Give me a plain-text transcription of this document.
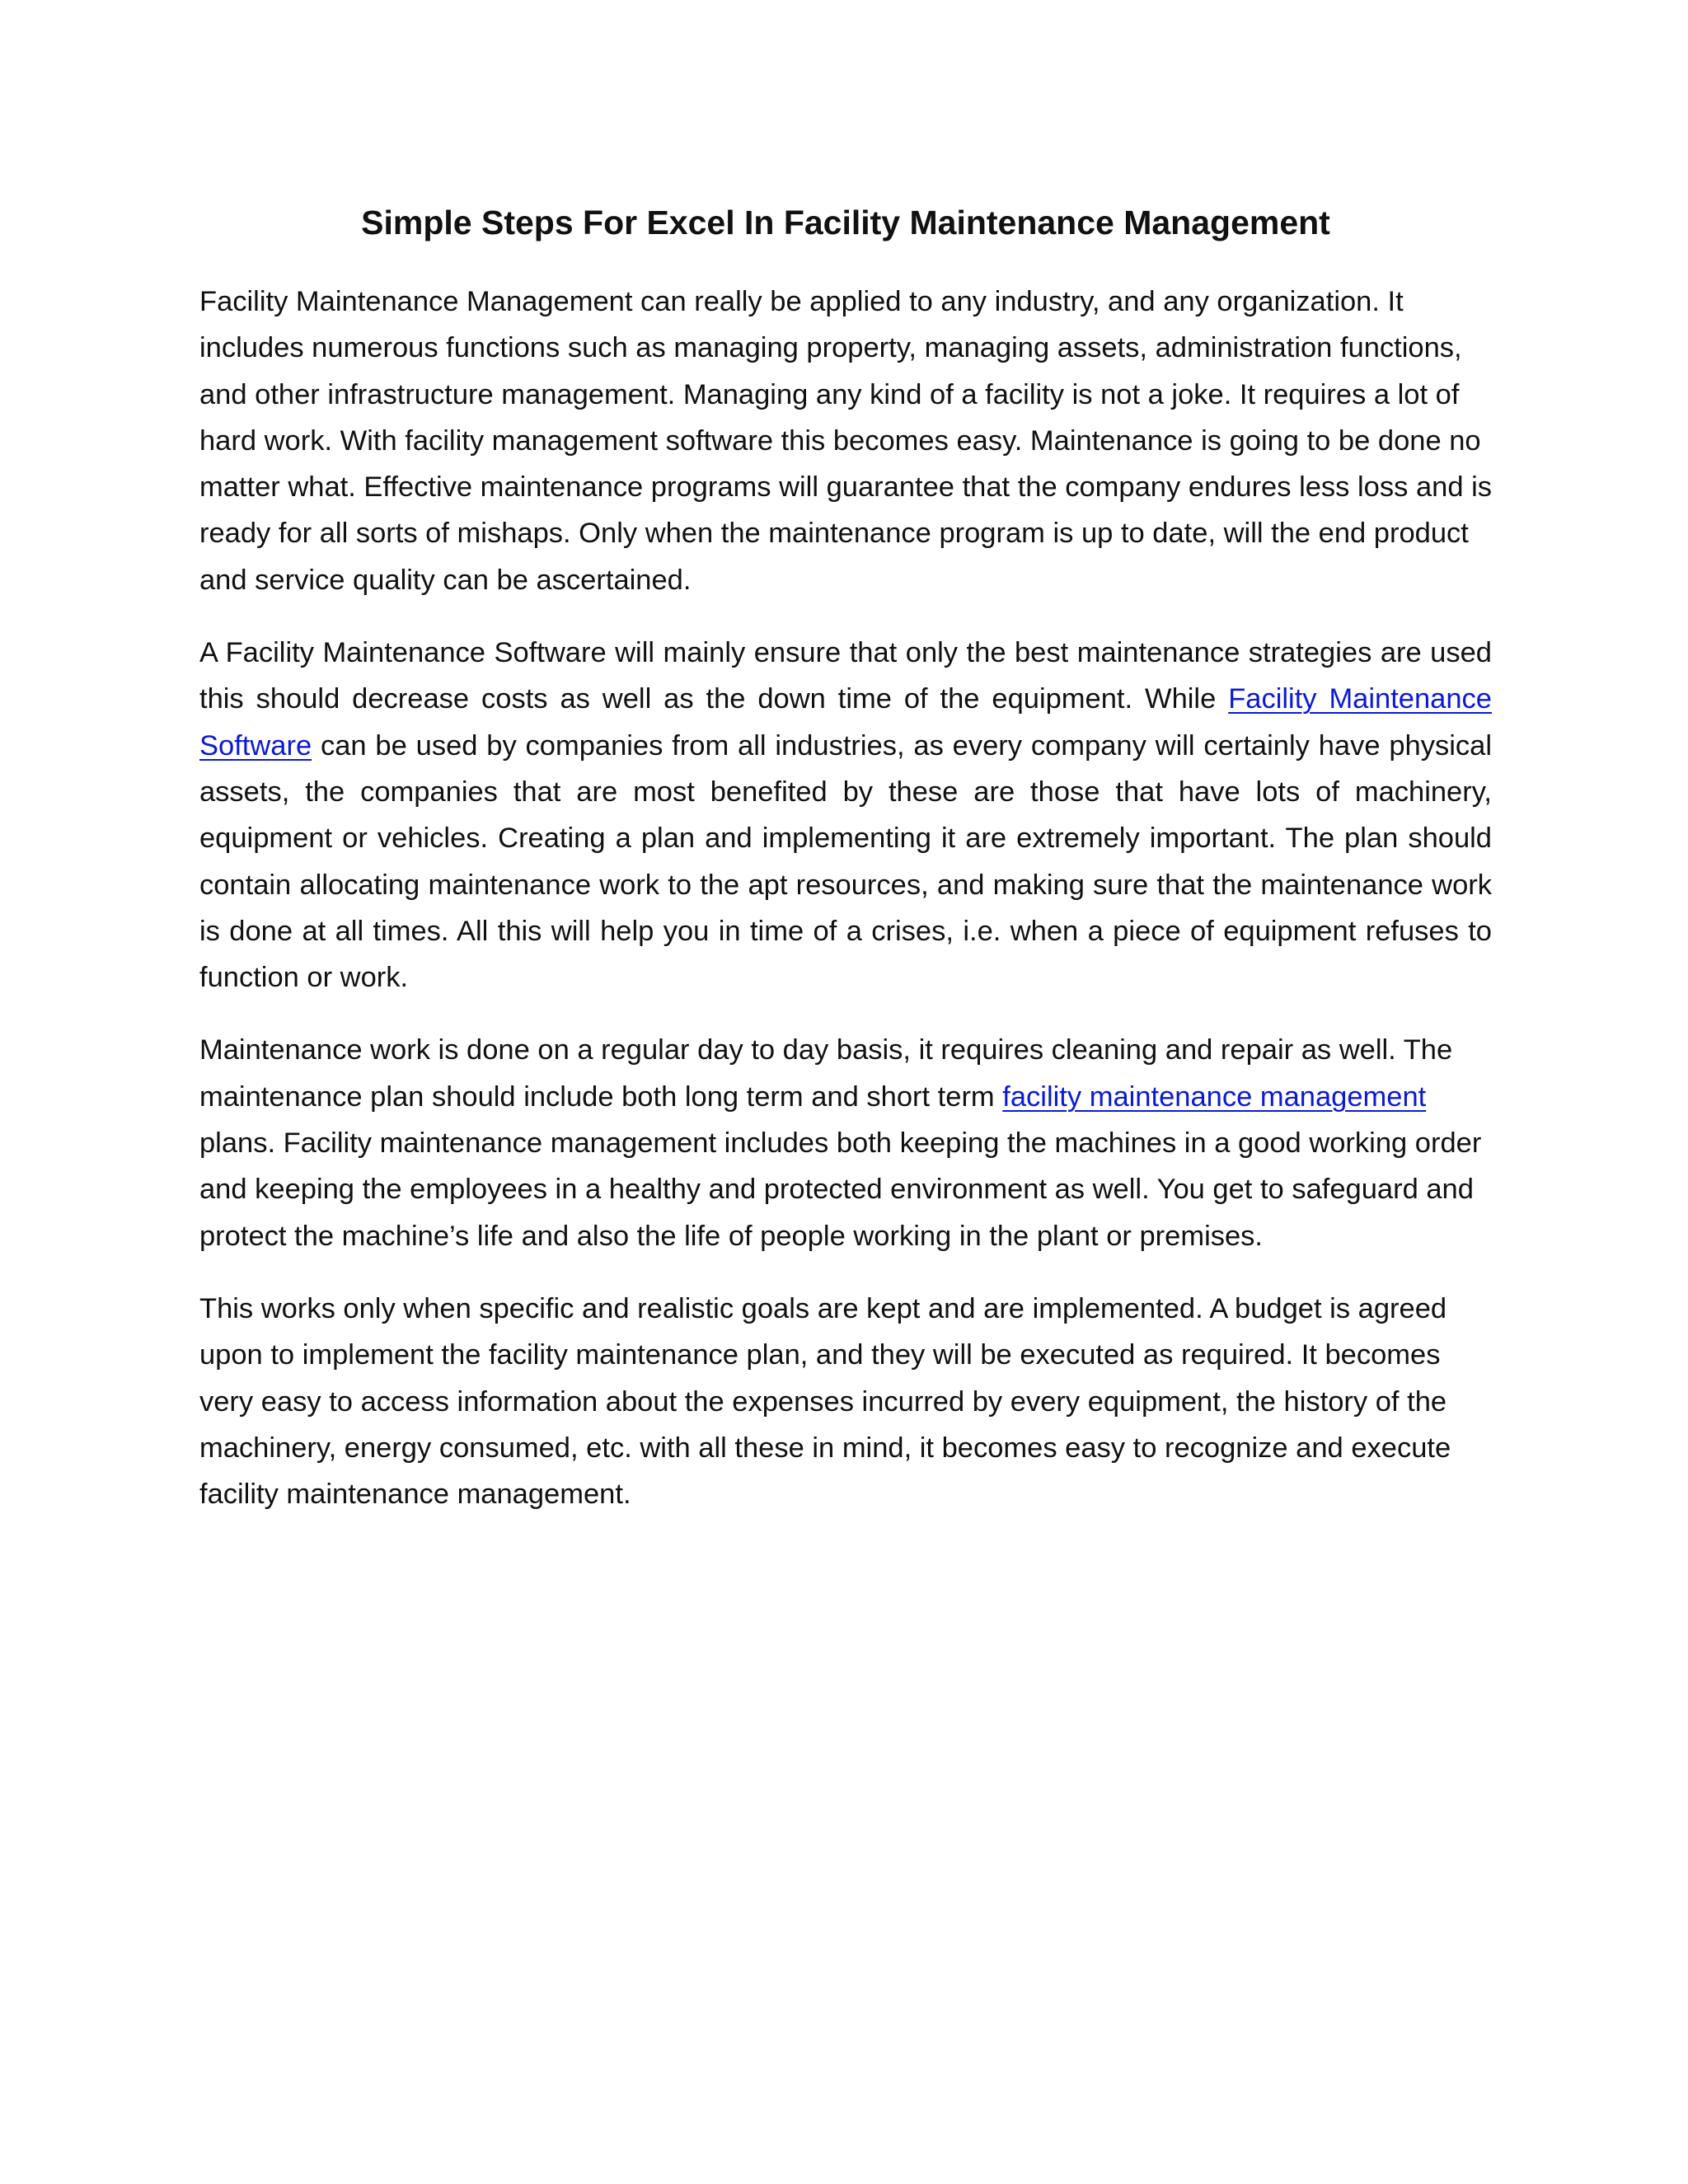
Simple Steps For Excel In Facility Maintenance Management

Facility Maintenance Management can really be applied to any industry, and any organization. It includes numerous functions such as managing property, managing assets, administration functions, and other infrastructure management. Managing any kind of a facility is not a joke. It requires a lot of hard work. With facility management software this becomes easy. Maintenance is going to be done no matter what. Effective maintenance programs will guarantee that the company endures less loss and is ready for all sorts of mishaps. Only when the maintenance program is up to date, will the end product and service quality can be ascertained.

A Facility Maintenance Software will mainly ensure that only the best maintenance strategies are used this should decrease costs as well as the down time of the equipment. While Facility Maintenance Software can be used by companies from all industries, as every company will certainly have physical assets, the companies that are most benefited by these are those that have lots of machinery, equipment or vehicles. Creating a plan and implementing it are extremely important. The plan should contain allocating maintenance work to the apt resources, and making sure that the maintenance work is done at all times. All this will help you in time of a crises, i.e. when a piece of equipment refuses to function or work.

Maintenance work is done on a regular day to day basis, it requires cleaning and repair as well. The maintenance plan should include both long term and short term facility maintenance management plans. Facility maintenance management includes both keeping the machines in a good working order and keeping the employees in a healthy and protected environment as well. You get to safeguard and protect the machine’s life and also the life of people working in the plant or premises.

This works only when specific and realistic goals are kept and are implemented. A budget is agreed upon to implement the facility maintenance plan, and they will be executed as required. It becomes very easy to access information about the expenses incurred by every equipment, the history of the machinery, energy consumed, etc. with all these in mind, it becomes easy to recognize and execute facility maintenance management.
